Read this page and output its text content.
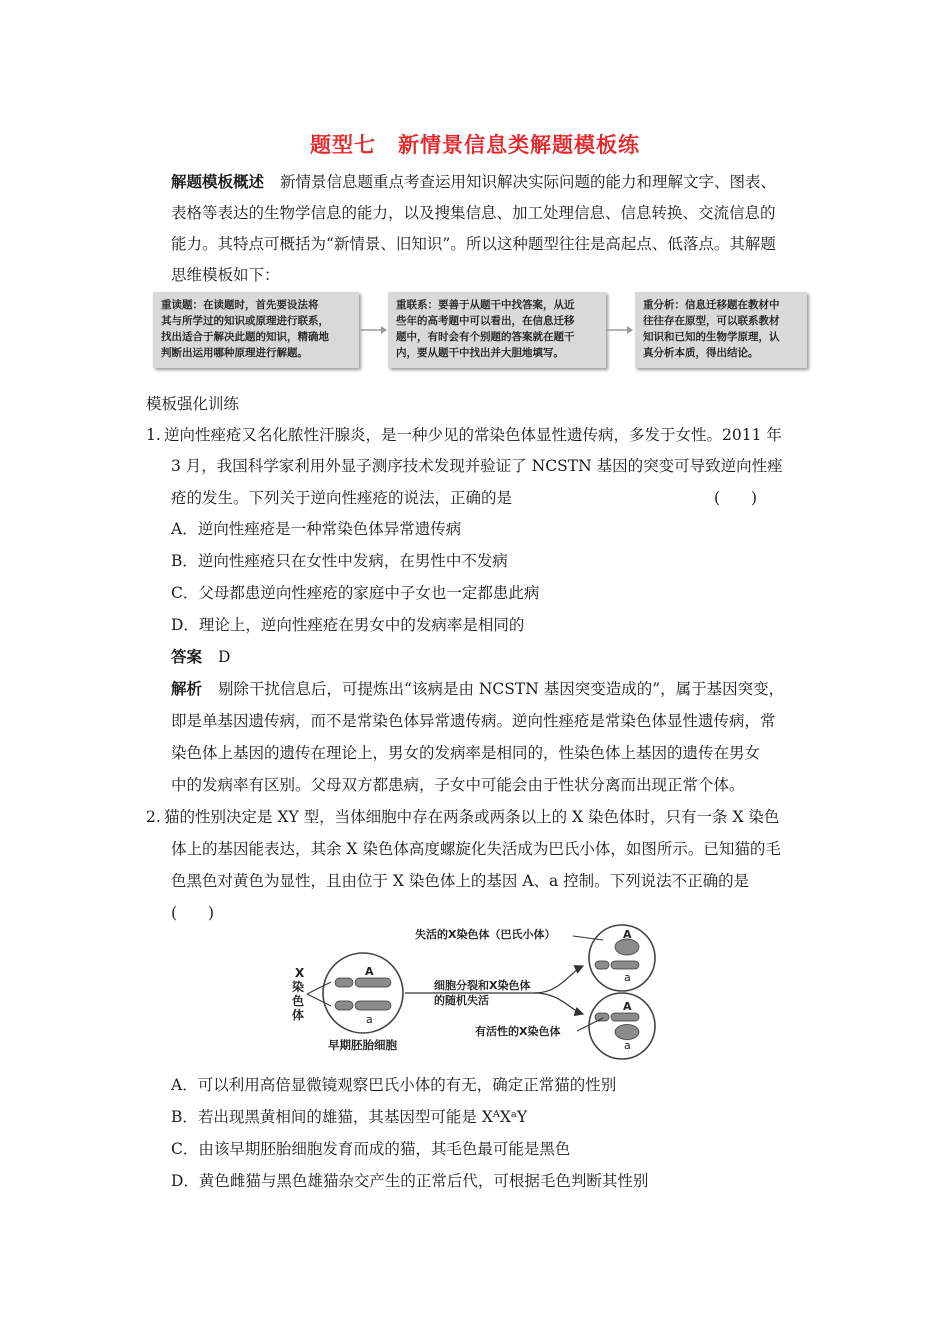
题型七　新情景信息类解题模板练
解题模板概述 新情景信息题重点考查运用知识解决实际问题的能力和理解文字、图表、
表格等表达的生物学信息的能力，以及搜集信息、加工处理信息、信息转换、交流信息的
能力。其特点可概括为“新情景、旧知识”。所以这种题型往往是高起点、低落点。其解题
思维模板如下：
重读题：在读题时，首先要设法将
其与所学过的知识或原理进行联系，
找出适合于解决此题的知识，精确地
判断出运用哪种原理进行解题。
重联系：要善于从题干中找答案，从近
些年的高考题中可以看出，在信息迁移
题中，有时会有个别题的答案就在题干
内，要从题干中找出并大胆地填写。
重分析：信息迁移题在教材中
往往存在原型，可以联系教材
知识和已知的生物学原理，认
真分析本质，得出结论。
模板强化训练
1. 逆向性痤疮又名化脓性汗腺炎，是一种少见的常染色体显性遗传病，多发于女性。2011 年
3 月，我国科学家利用外显子测序技术发现并验证了 NCSTN 基因的突变可导致逆向性痤
疮的发生。下列关于逆向性痤疮的说法，正确的是	(　　)
A．逆向性痤疮是一种常染色体异常遗传病
B．逆向性痤疮只在女性中发病，在男性中不发病
C．父母都患逆向性痤疮的家庭中子女也一定都患此病
D．理论上，逆向性痤疮在男女中的发病率是相同的
答案 D
解析 剔除干扰信息后，可提炼出“该病是由 NCSTN 基因突变造成的”，属于基因突变，
即是单基因遗传病，而不是常染色体异常遗传病。逆向性痤疮是常染色体显性遗传病，常
染色体上基因的遗传在理论上，男女的发病率是相同的，性染色体上基因的遗传在男女
中的发病率有区别。父母双方都患病，子女中可能会由于性状分离而出现正常个体。
2. 猫的性别决定是 XY 型，当体细胞中存在两条或两条以上的 X 染色体时，只有一条 X 染色
体上的基因能表达，其余 X 染色体高度螺旋化失活成为巴氏小体，如图所示。已知猫的毛
色黑色对黄色为显性，且由位于 X 染色体上的基因 A、a 控制。下列说法不正确的是
(　　)
X
染
色
体
A
a
早期胚胎细胞
细胞分裂和X染色体
的随机失活
失活的X染色体（巴氏小体）	A
a
A
a
有活性的X染色体
A．可以利用高倍显微镜观察巴氏小体的有无，确定正常猫的性别
B．若出现黑黄相间的雄猫，其基因型可能是 XᴬXᵃY
C．由该早期胚胎细胞发育而成的猫，其毛色最可能是黑色
D．黄色雌猫与黑色雄猫杂交产生的正常后代，可根据毛色判断其性别
